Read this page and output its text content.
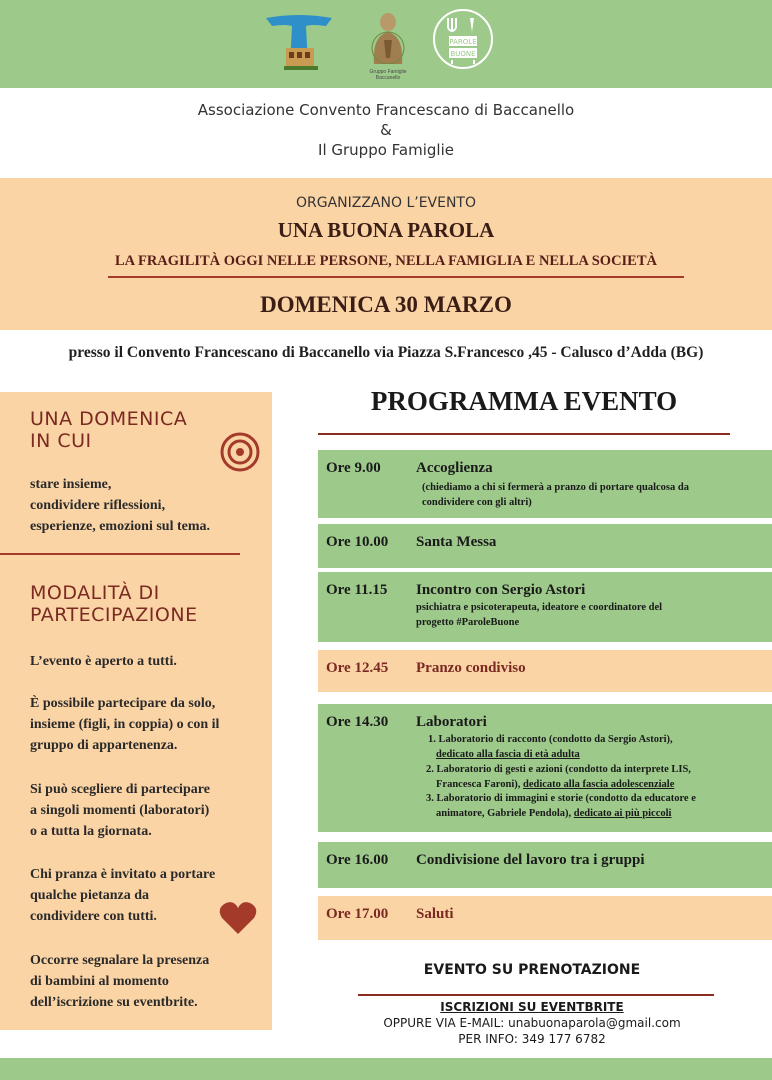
Gruppo Famiglie Baccanello
PAROLE
BUONE
Associazione Convento Francescano di Baccanello
&
Il Gruppo Famiglie
ORGANIZZANO L’EVENTO
UNA BUONA PAROLA
LA FRAGILITÀ OGGI NELLE PERSONE, NELLA FAMIGLIA E NELLA SOCIETÀ
DOMENICA 30 MARZO
presso il Convento Francescano di Baccanello via Piazza S.Francesco ,45 - Calusco d’Adda (BG)
UNA DOMENICA
IN CUI
stare insieme,
condividere riflessioni,
esperienze, emozioni sul tema.
MODALITÀ DI
PARTECIPAZIONE
L’evento è aperto a tutti.
È possibile partecipare da solo,
insieme (figli, in coppia) o con il
gruppo di appartenenza.
Si può scegliere di partecipare
a singoli momenti (laboratori)
o a tutta la giornata.
Chi pranza è invitato a portare
qualche pietanza da
condividere con tutti.
Occorre segnalare la presenza
di bambini al momento
dell’iscrizione su eventbrite.
PROGRAMMA EVENTO
Ore 9.00 Accoglienza
(chiediamo a chi si fermerà a pranzo di portare qualcosa da
condividere con gli altri)
Ore 10.00 Santa Messa
Ore 11.15 Incontro con Sergio Astori
psichiatra e psicoterapeuta, ideatore e coordinatore del
progetto #ParoleBuone
Ore 12.45 Pranzo condiviso
Ore 14.30 Laboratori
1. Laboratorio di racconto (condotto da Sergio Astori),
dedicato alla fascia di età adulta
2. Laboratorio di gesti e azioni (condotto da interprete LIS,
Francesca Faroni), dedicato alla fascia adolescenziale
3. Laboratorio di immagini e storie (condotto da educatore e
animatore, Gabriele Pendola), dedicato ai più piccoli
Ore 16.00 Condivisione del lavoro tra i gruppi
Ore 17.00 Saluti
EVENTO SU PRENOTAZIONE
ISCRIZIONI SU EVENTBRITE
OPPURE VIA E-MAIL: unabuonaparola@gmail.com
PER INFO: 349 177 6782
